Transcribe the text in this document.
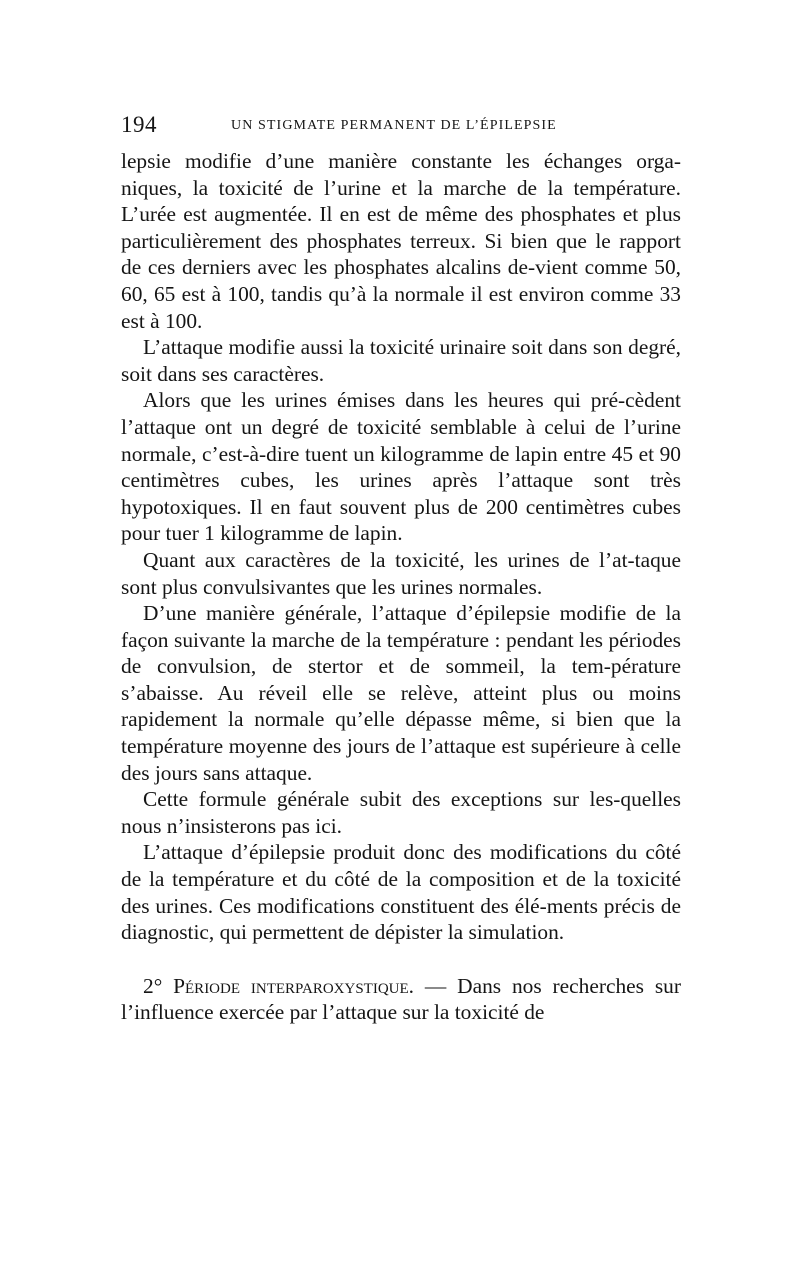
194	UN STIGMATE PERMANENT DE L’ÉPILEPSIE

lepsie modifie d’une manière constante les échanges orga-niques, la toxicité de l’urine et la marche de la température. L’urée est augmentée. Il en est de même des phosphates et plus particulièrement des phosphates terreux. Si bien que le rapport de ces derniers avec les phosphates alcalins de-vient comme 50, 60, 65 est à 100, tandis qu’à la normale il est environ comme 33 est à 100.

L’attaque modifie aussi la toxicité urinaire soit dans son degré, soit dans ses caractères.

Alors que les urines émises dans les heures qui pré-cèdent l’attaque ont un degré de toxicité semblable à celui de l’urine normale, c’est-à-dire tuent un kilogramme de lapin entre 45 et 90 centimètres cubes, les urines après l’attaque sont très hypotoxiques. Il en faut souvent plus de 200 centimètres cubes pour tuer 1 kilogramme de lapin.

Quant aux caractères de la toxicité, les urines de l’at-taque sont plus convulsivantes que les urines normales.

D’une manière générale, l’attaque d’épilepsie modifie de la façon suivante la marche de la température : pendant les périodes de convulsion, de stertor et de sommeil, la tem-pérature s’abaisse. Au réveil elle se relève, atteint plus ou moins rapidement la normale qu’elle dépasse même, si bien que la température moyenne des jours de l’attaque est supérieure à celle des jours sans attaque.

Cette formule générale subit des exceptions sur les-quelles nous n’insisterons pas ici.

L’attaque d’épilepsie produit donc des modifications du côté de la température et du côté de la composition et de la toxicité des urines. Ces modifications constituent des élé-ments précis de diagnostic, qui permettent de dépister la simulation.

2° Période interparoxystique. — Dans nos recherches sur l’influence exercée par l’attaque sur la toxicité de
